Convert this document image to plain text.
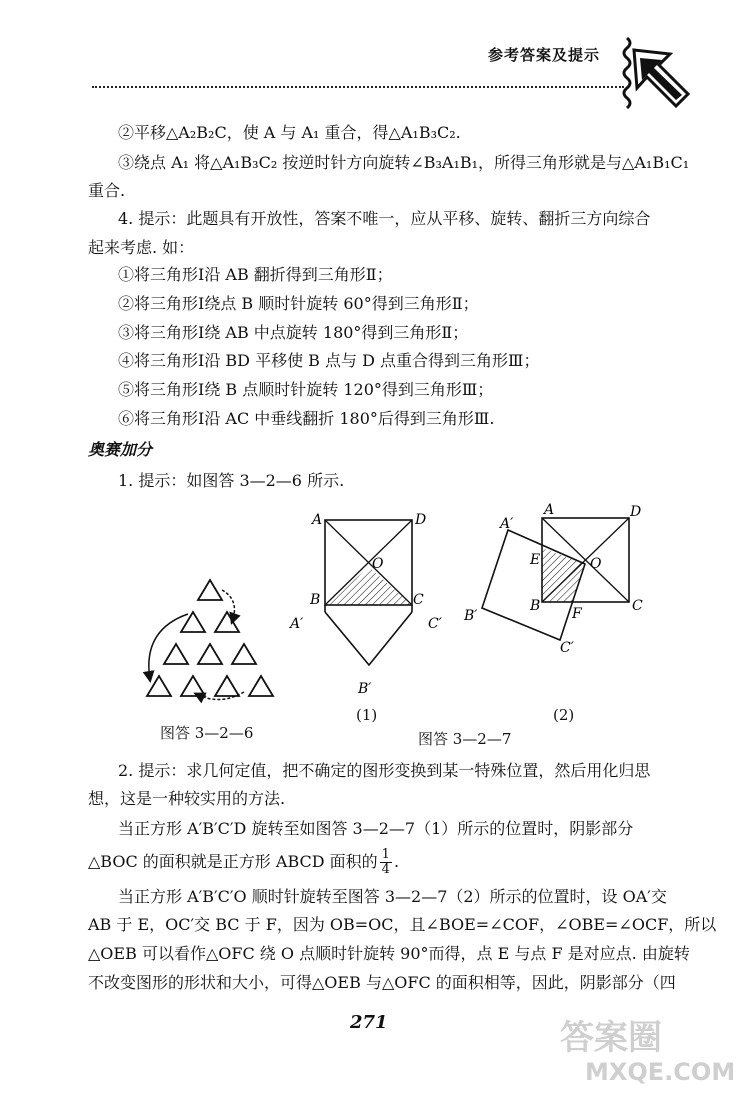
参考答案及提示
②平移△A₂B₂C，使 A 与 A₁ 重合，得△A₁B₃C₂.
③绕点 A₁ 将△A₁B₃C₂ 按逆时针方向旋转∠B₃A₁B₁，所得三角形就是与△A₁B₁C₁
重合.
4. 提示：此题具有开放性，答案不唯一，应从平移、旋转、翻折三方向综合
起来考虑. 如：
①将三角形Ⅰ沿 AB 翻折得到三角形Ⅱ；
②将三角形Ⅰ绕点 B 顺时针旋转 60°得到三角形Ⅱ；
③将三角形Ⅰ绕 AB 中点旋转 180°得到三角形Ⅱ；
④将三角形Ⅰ沿 BD 平移使 B 点与 D 点重合得到三角形Ⅲ；
⑤将三角形Ⅰ绕 B 点顺时针旋转 120°得到三角形Ⅲ；
⑥将三角形Ⅰ沿 AC 中垂线翻折 180°后得到三角形Ⅲ.
奥赛加分
1. 提示：如图答 3—2—6 所示.
图答 3—2—6
A	D
O
B	C
A′	C′
B′
(1)
图答 3—2—7
A′
A	D
E	O
B F	C
B′
C′
(2)
2. 提示：求几何定值，把不确定的图形变换到某一特殊位置，然后用化归思
想，这是一种较实用的方法.
当正方形 A′B′C′D 旋转至如图答 3—2—7（1）所示的位置时，阴影部分
△BOC 的面积就是正方形 ABCD 面积的 $\frac{1}{4}$ .
当正方形 A′B′C′O 顺时针旋转至图答 3—2—7（2）所示的位置时，设 OA′交
AB 于 E，OC′交 BC 于 F，因为 OB=OC，且∠BOE=∠COF，∠OBE=∠OCF，所以
△OEB 可以看作△OFC 绕 O 点顺时针旋转 90°而得，点 E 与点 F 是对应点. 由旋转
不改变图形的形状和大小，可得△OEB 与△OFC 的面积相等，因此，阴影部分（四
271	答案圈
MXQE.COM
